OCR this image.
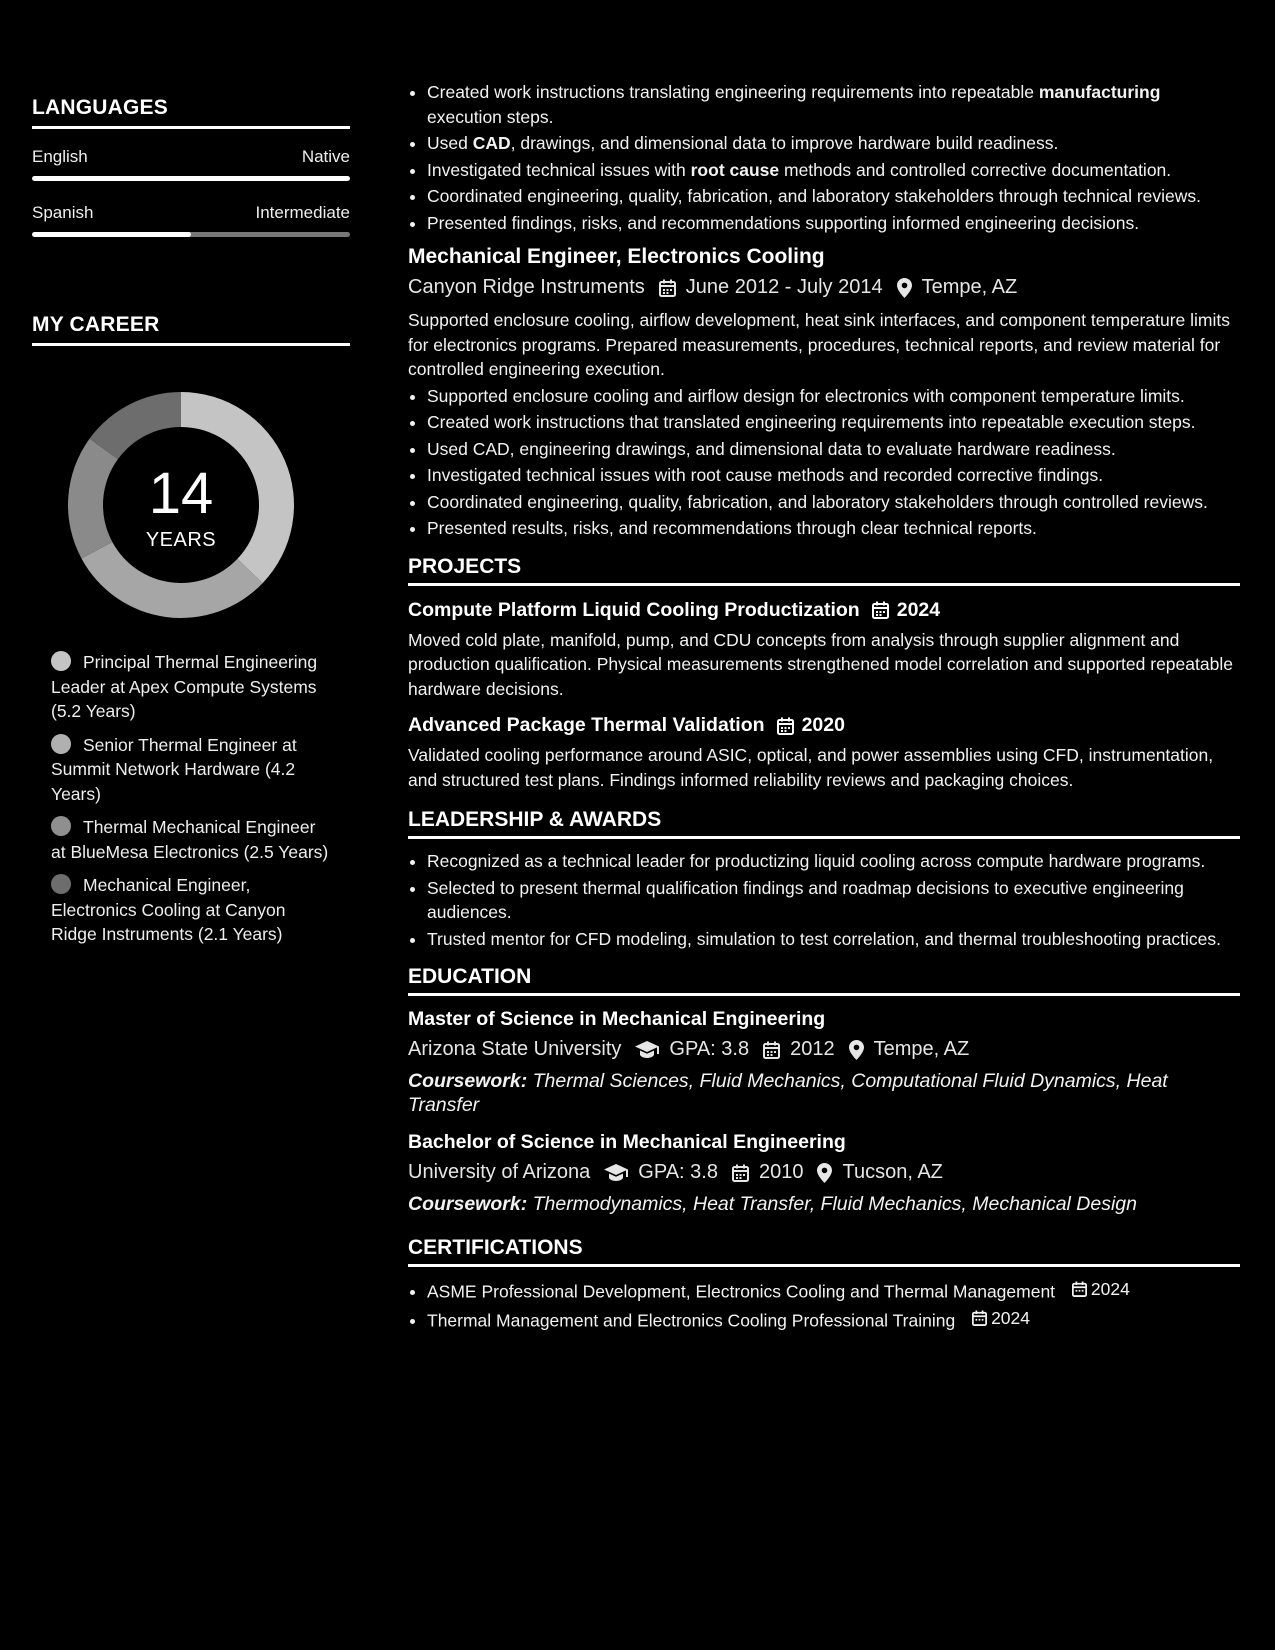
LANGUAGES
English	Native
Spanish	Intermediate
MY CAREER
14
YEARS
Principal Thermal Engineering Leader at Apex Compute Systems (5.2 Years)
Senior Thermal Engineer at Summit Network Hardware (4.2 Years)
Thermal Mechanical Engineer at BlueMesa Electronics (2.5 Years)
Mechanical Engineer, Electronics Cooling at Canyon Ridge Instruments (2.1 Years)
• Created work instructions translating engineering requirements into repeatable manufacturing execution steps.
• Used CAD, drawings, and dimensional data to improve hardware build readiness.
• Investigated technical issues with root cause methods and controlled corrective documentation.
• Coordinated engineering, quality, fabrication, and laboratory stakeholders through technical reviews.
• Presented findings, risks, and recommendations supporting informed engineering decisions.
Mechanical Engineer, Electronics Cooling
Canyon Ridge Instruments June 2012 - July 2014 Tempe, AZ
Supported enclosure cooling, airflow development, heat sink interfaces, and component temperature limits for electronics programs. Prepared measurements, procedures, technical reports, and review material for controlled engineering execution.
• Supported enclosure cooling and airflow design for electronics with component temperature limits.
• Created work instructions that translated engineering requirements into repeatable execution steps.
• Used CAD, engineering drawings, and dimensional data to evaluate hardware readiness.
• Investigated technical issues with root cause methods and recorded corrective findings.
• Coordinated engineering, quality, fabrication, and laboratory stakeholders through controlled reviews.
• Presented results, risks, and recommendations through clear technical reports.
PROJECTS
Compute Platform Liquid Cooling Productization 2024
Moved cold plate, manifold, pump, and CDU concepts from analysis through supplier alignment and production qualification. Physical measurements strengthened model correlation and supported repeatable hardware decisions.
Advanced Package Thermal Validation 2020
Validated cooling performance around ASIC, optical, and power assemblies using CFD, instrumentation, and structured test plans. Findings informed reliability reviews and packaging choices.
LEADERSHIP & AWARDS
• Recognized as a technical leader for productizing liquid cooling across compute hardware programs.
• Selected to present thermal qualification findings and roadmap decisions to executive engineering audiences.
• Trusted mentor for CFD modeling, simulation to test correlation, and thermal troubleshooting practices.
EDUCATION
Master of Science in Mechanical Engineering
Arizona State University GPA: 3.8 2012 Tempe, AZ
Coursework: Thermal Sciences, Fluid Mechanics, Computational Fluid Dynamics, Heat Transfer
Bachelor of Science in Mechanical Engineering
University of Arizona GPA: 3.8 2010 Tucson, AZ
Coursework: Thermodynamics, Heat Transfer, Fluid Mechanics, Mechanical Design
CERTIFICATIONS
• ASME Professional Development, Electronics Cooling and Thermal Management 2024
• Thermal Management and Electronics Cooling Professional Training 2024
